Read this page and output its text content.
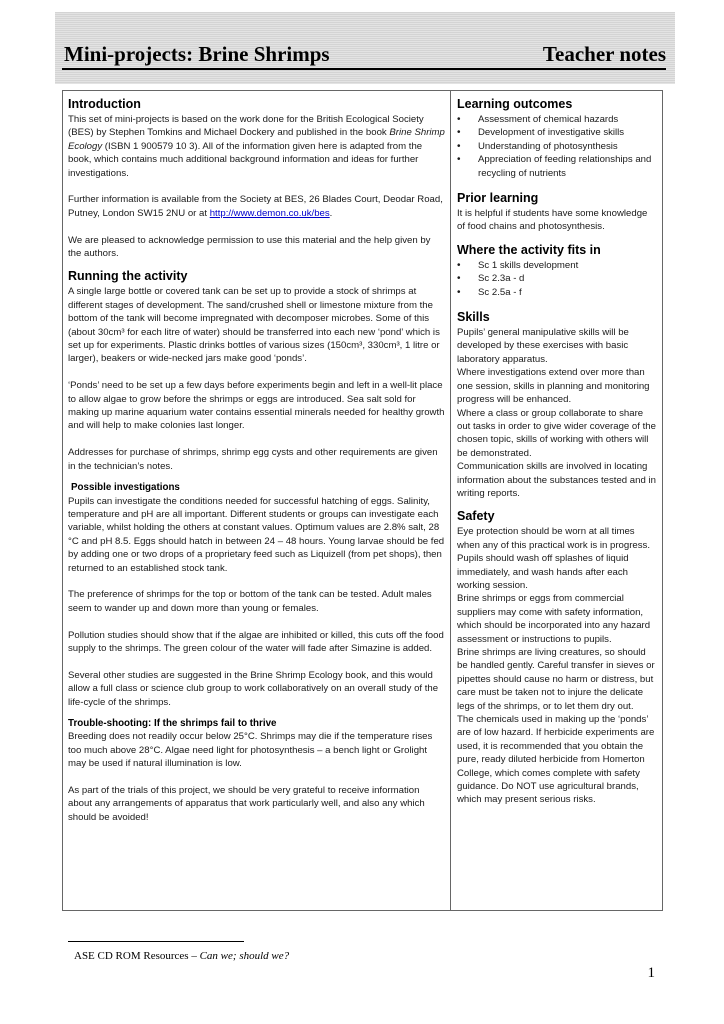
Mini-projects: Brine Shrimps	Teacher notes
Introduction

This set of mini-projects is based on the work done for the British Ecological Society (BES) by Stephen Tomkins and Michael Dockery and published in the book Brine Shrimp Ecology (ISBN 1 900579 10 3). All of the information given here is adapted from the book, which contains much additional background information and ideas for further investigations.

Further information is available from the Society at BES, 26 Blades Court, Deodar Road, Putney, London SW15 2NU or at http://www.demon.co.uk/bes.

We are pleased to acknowledge permission to use this material and the help given by the authors.

Running the activity

A single large bottle or covered tank can be set up to provide a stock of shrimps at different stages of development. The sand/crushed shell or limestone mixture from the bottom of the tank will become impregnated with decomposer microbes. Some of this (about 30cm³ for each litre of water) should be transferred into each new ‘pond’ which is set up for experiments. Plastic drinks bottles of various sizes (150cm³, 330cm³, 1 litre or larger), beakers or wide-necked jars make good ‘ponds’.

‘Ponds’ need to be set up a few days before experiments begin and left in a well-lit place to allow algae to grow before the shrimps or eggs are introduced. Sea salt sold for making up marine aquarium water contains essential minerals needed for healthy growth and will help to make colonies last longer.

Addresses for purchase of shrimps, shrimp egg cysts and other requirements are given in the technician’s notes.

Possible investigations

Pupils can investigate the conditions needed for successful hatching of eggs. Salinity, temperature and pH are all important. Different students or groups can investigate each variable, whilst holding the others at constant values. Optimum values are 2.8% salt, 28 °C and pH 8.5. Eggs should hatch in between 24 – 48 hours. Young larvae should be fed by adding one or two drops of a proprietary feed such as Liquizell (from pet shops), then returned to an established stock tank.

The preference of shrimps for the top or bottom of the tank can be tested. Adult males seem to wander up and down more than young or females.

Pollution studies should show that if the algae are inhibited or killed, this cuts off the food supply to the shrimps. The green colour of the water will fade after Simazine is added.

Several other studies are suggested in the Brine Shrimp Ecology book, and this would allow a full class or science club group to work collaboratively on an overall study of the life-cycle of the shrimps.

Trouble-shooting: If the shrimps fail to thrive

Breeding does not readily occur below 25°C. Shrimps may die if the temperature rises too much above 28°C. Algae need light for photosynthesis – a bench light or Grolight may be used if natural illumination is low.

As part of the trials of this project, we should be very grateful to receive information about any arrangements of apparatus that work particularly well, and also any which should be avoided!

Learning outcomes
• Assessment of chemical hazards
• Development of investigative skills
• Understanding of photosynthesis
• Appreciation of feeding relationships and recycling of nutrients
Prior learning

It is helpful if students have some knowledge of food chains and photosynthesis.

Where the activity fits in
• Sc 1 skills development
• Sc 2.3a - d
• Sc 2.5a - f
Skills

Pupils’ general manipulative skills will be developed by these exercises with basic laboratory apparatus.

Where investigations extend over more than one session, skills in planning and monitoring progress will be enhanced.

Where a class or group collaborate to share out tasks in order to give wider coverage of the chosen topic, skills of working with others will be demonstrated.

Communication skills are involved in locating information about the substances tested and in writing reports.

Safety

Eye protection should be worn at all times when any of this practical work is in progress.

Pupils should wash off splashes of liquid immediately, and wash hands after each working session.

Brine shrimps or eggs from commercial suppliers may come with safety information, which should be incorporated into any hazard assessment or instructions to pupils.

Brine shrimps are living creatures, so should be handled gently. Careful transfer in sieves or pipettes should cause no harm or distress, but care must be taken not to injure the delicate legs of the shrimps, or to let them dry out.

The chemicals used in making up the ‘ponds’ are of low hazard. If herbicide experiments are used, it is recommended that you obtain the pure, ready diluted herbicide from Homerton College, which comes complete with safety guidance. Do NOT use agricultural brands, which may present serious risks.

ASE CD ROM Resources – Can we; should we?
1
